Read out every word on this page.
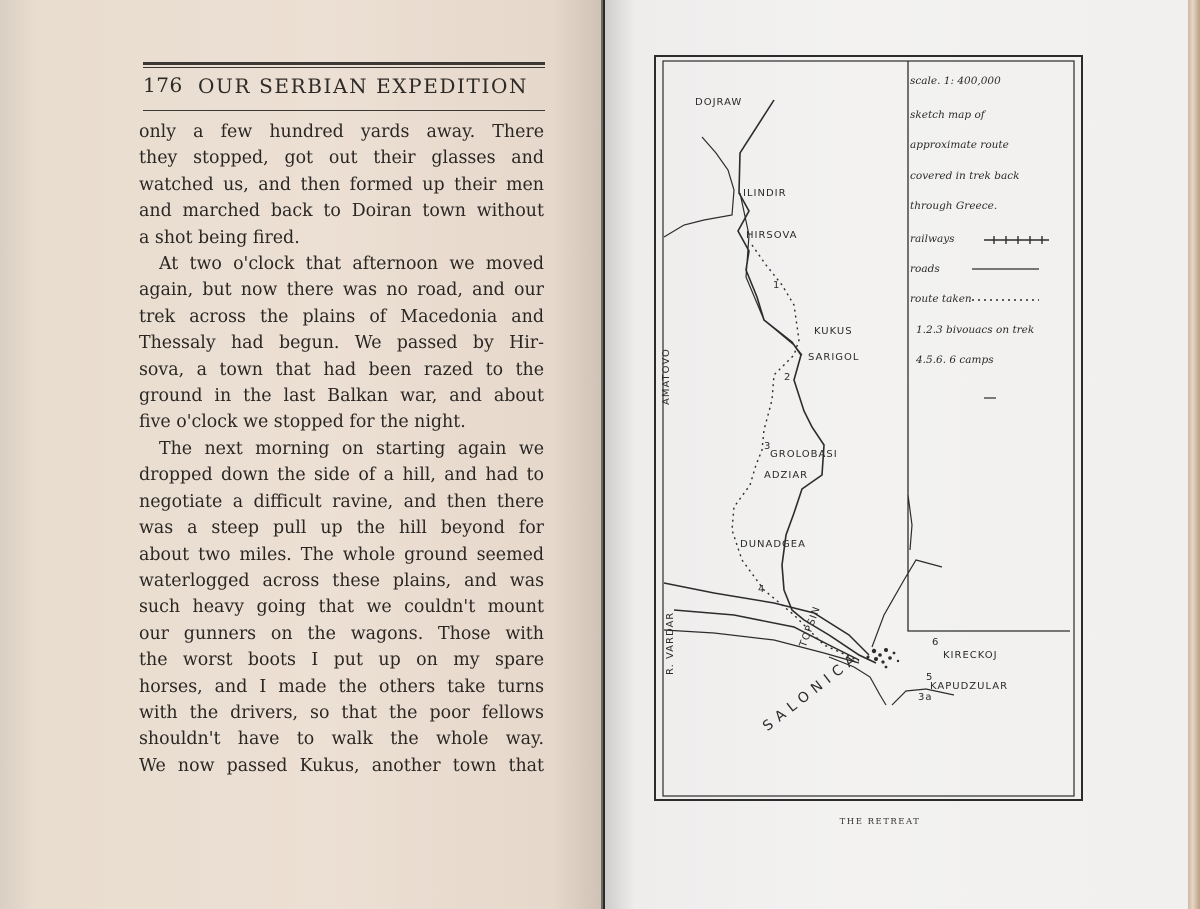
176 OUR SERBIAN EXPEDITION

only a few hundred yards away. There
they stopped, got out their glasses and
watched us, and then formed up their men
and marched back to Doiran town without
a shot being fired.

At two o'clock that afternoon we moved
again, but now there was no road, and our
trek across the plains of Macedonia and
Thessaly had begun. We passed by Hir-
sova, a town that had been razed to the
ground in the last Balkan war, and about
five o'clock we stopped for the night.

The next morning on starting again we
dropped down the side of a hill, and had to
negotiate a difficult ravine, and then there
was a steep pull up the hill beyond for
about two miles. The whole ground seemed
waterlogged across these plains, and was
such heavy going that we couldn't mount
our gunners on the wagons. Those with
the worst boots I put up on my spare
horses, and I made the others take turns
with the drivers, so that the poor fellows
shouldn't have to walk the whole way.
We now passed Kukus, another town that

DOJRAW
ILINDIR
HIRSOVA
KUKUS
SARIGOL
GROLOBASI
ADZIAR
DUNADGEA
KIRECKOJ
KAPUDZULAR
SALONICA
R. VARDAR
AMATOVO
TOPSIN
1
2
3
4
5
6
3a
scale. 1: 400,000
sketch map of
approximate route
covered in trek back
through Greece.
railways
roads
route taken
1.2.3 bivouacs on trek
4.5.6. 6 camps
THE RETREAT
